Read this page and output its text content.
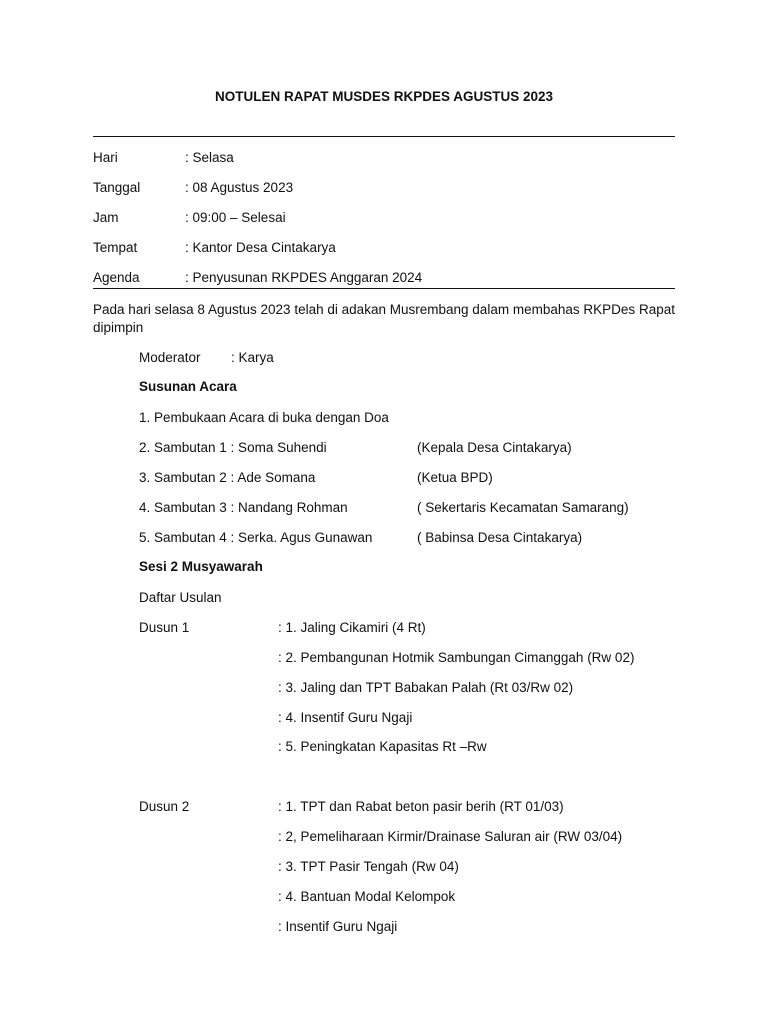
NOTULEN RAPAT MUSDES RKPDES AGUSTUS 2023
Hari	: Selasa
Tanggal	: 08 Agustus 2023
Jam	: 09:00 – Selesai
Tempat	: Kantor Desa Cintakarya
Agenda	: Penyusunan RKPDES Anggaran 2024
Pada hari selasa 8 Agustus 2023 telah di adakan Musrembang dalam membahas RKPDes Rapat dipimpin
Moderator : Karya
Susunan Acara
1. Pembukaan Acara di buka dengan Doa
2. Sambutan 1 : Soma Suhendi	(Kepala Desa Cintakarya)
3. Sambutan 2 : Ade Somana	(Ketua BPD)
4. Sambutan 3 : Nandang Rohman	( Sekertaris Kecamatan Samarang)
5. Sambutan 4 : Serka. Agus Gunawan	( Babinsa Desa Cintakarya)
Sesi 2 Musyawarah
Daftar Usulan
Dusun 1	: 1. Jaling Cikamiri (4 Rt)
: 2. Pembangunan Hotmik Sambungan Cimanggah (Rw 02)
: 3. Jaling dan TPT Babakan Palah (Rt 03/Rw 02)
: 4. Insentif Guru Ngaji
: 5. Peningkatan Kapasitas Rt –Rw
Dusun 2	: 1. TPT dan Rabat beton pasir berih (RT 01/03)
: 2, Pemeliharaan Kirmir/Drainase Saluran air (RW 03/04)
: 3. TPT Pasir Tengah (Rw 04)
: 4. Bantuan Modal Kelompok
: Insentif Guru Ngaji
